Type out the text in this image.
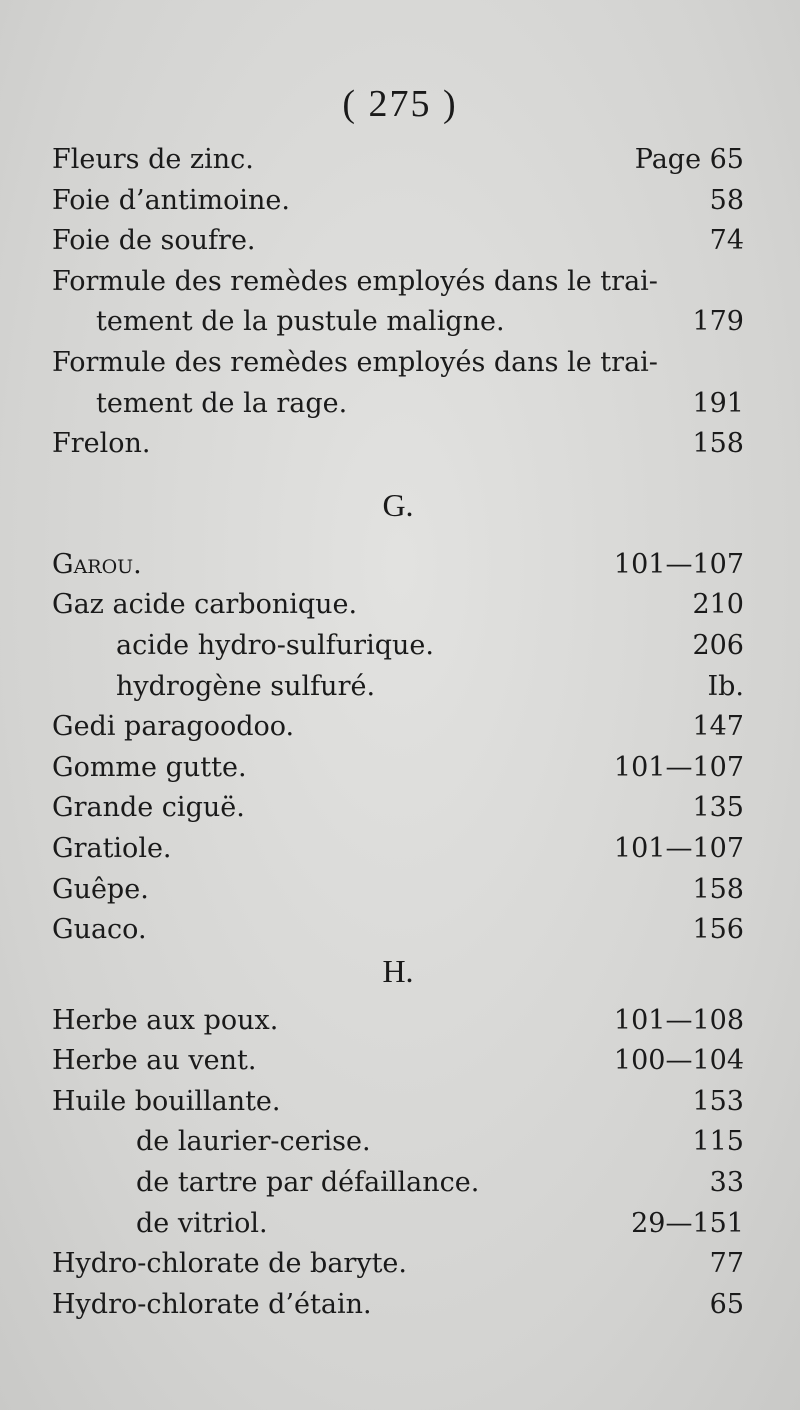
( 275 )
Fleurs de zinc.	Page 65
Foie d’antimoine.	58
Foie de soufre.	74
Formule des remèdes employés dans le trai-
tement de la pustule maligne.	179
Formule des remèdes employés dans le trai-
tement de la rage.	191
Frelon.	158
G.
Garou.	101—107
Gaz acide carbonique.	210
acide hydro-sulfurique.	206
hydrogène sulfuré.	Ib.
Gedi paragoodoo.	147
Gomme gutte.	101—107
Grande ciguë.	135
Gratiole.	101—107
Guêpe.	158
Guaco.	156
H.
Herbe aux poux.	101—108
Herbe au vent.	100—104
Huile bouillante.	153
de laurier-cerise.	115
de tartre par défaillance.	33
de vitriol.	29—151
Hydro-chlorate de baryte.	77
Hydro-chlorate d’étain.	65
